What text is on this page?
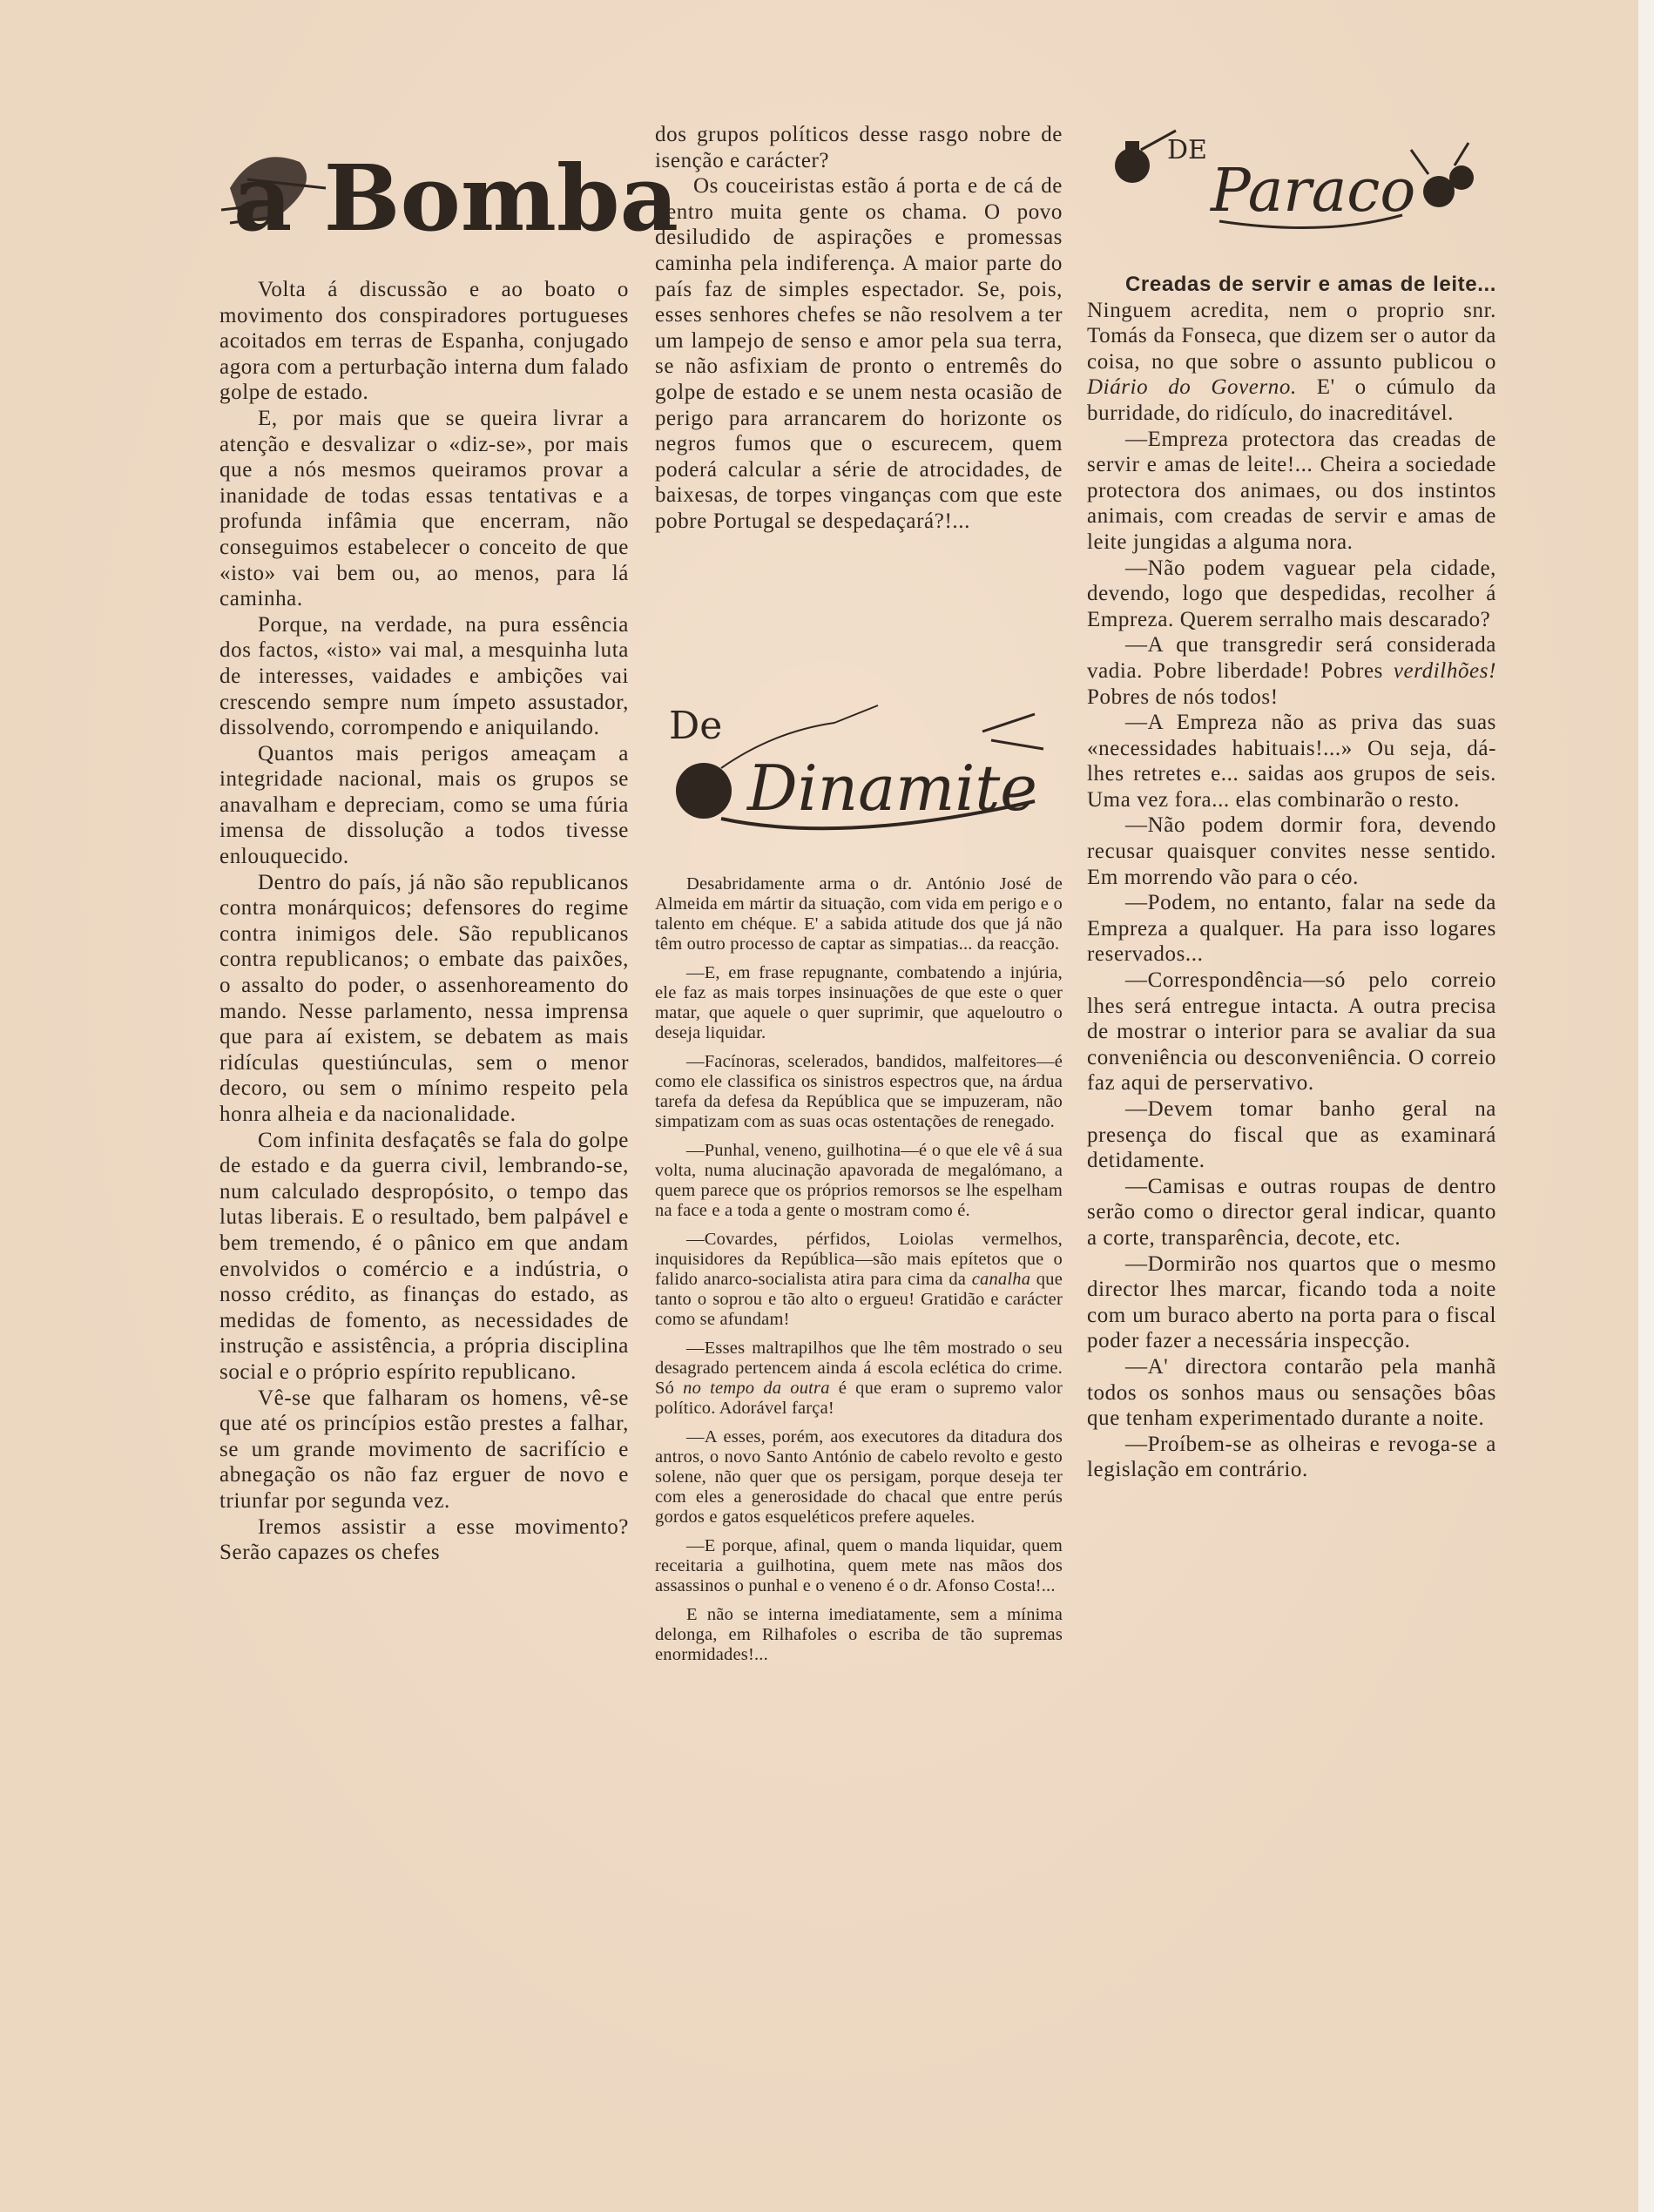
a Bomba	DE
Paraco
De
Dinamite

Volta á discussão e ao boato o movimento dos conspiradores portugueses acoitados em terras de Espanha, conjugado agora com a perturbação interna dum falado golpe de estado.

E, por mais que se queira livrar a atenção e desvalizar o «diz-se», por mais que a nós mesmos queiramos provar a inanidade de todas essas tentativas e a profunda infâmia que encerram, não conseguimos estabelecer o conceito de que «isto» vai bem ou, ao menos, para lá caminha.

Porque, na verdade, na pura essência dos factos, «isto» vai mal, a mesquinha luta de interesses, vaidades e ambições vai crescendo sempre num ímpeto assustador, dissolvendo, corrompendo e aniquilando.

Quantos mais perigos ameaçam a integridade nacional, mais os grupos se anavalham e depreciam, como se uma fúria imensa de dissolução a todos tivesse enlouquecido.

Dentro do país, já não são republicanos contra monárquicos; defensores do regime contra inimigos dele. São republicanos contra republicanos; o embate das paixões, o assalto do poder, o assenhoreamento do mando. Nesse parlamento, nessa imprensa que para aí existem, se debatem as mais ridículas questiúnculas, sem o menor decoro, ou sem o mínimo respeito pela honra alheia e da nacionalidade.

Com infinita desfaçatês se fala do golpe de estado e da guerra civil, lembrando-se, num calculado despropósito, o tempo das lutas liberais. E o resultado, bem palpável e bem tremendo, é o pânico em que andam envolvidos o comércio e a indústria, o nosso crédito, as finanças do estado, as medidas de fomento, as necessidades de instrução e assistência, a própria disciplina social e o próprio espírito republicano.

Vê-se que falharam os homens, vê-se que até os princípios estão prestes a falhar, se um grande movimento de sacrifício e abnegação os não faz erguer de novo e triunfar por segunda vez.

Iremos assistir a esse movimento? Serão capazes os chefes

dos grupos políticos desse rasgo nobre de isenção e carácter?

Os couceiristas estão á porta e de cá de dentro muita gente os chama. O povo desiludido de aspirações e promessas caminha pela indiferença. A maior parte do país faz de simples espectador. Se, pois, esses senhores chefes se não resolvem a ter um lampejo de senso e amor pela sua terra, se não asfixiam de pronto o entremês do golpe de estado e se unem nesta ocasião de perigo para arrancarem do horizonte os negros fumos que o escurecem, quem poderá calcular a série de atrocidades, de baixesas, de torpes vinganças com que este pobre Portugal se despedaçará?!...

Desabridamente arma o dr. António José de Almeida em mártir da situação, com vida em perigo e o talento em chéque. E' a sabida atitude dos que já não têm outro processo de captar as simpatias... da reacção.

—E, em frase repugnante, combatendo a injúria, ele faz as mais torpes insinuações de que este o quer matar, que aquele o quer suprimir, que aqueloutro o deseja liquidar.

—Facínoras, scelerados, bandidos, malfeitores—é como ele classifica os sinistros espectros que, na árdua tarefa da defesa da República que se impuzeram, não simpatizam com as suas ocas ostentações de renegado.

—Punhal, veneno, guilhotina—é o que ele vê á sua volta, numa alucinação apavorada de megalómano, a quem parece que os próprios remorsos se lhe espelham na face e a toda a gente o mostram como é.

—Covardes, pérfidos, Loiolas vermelhos, inquisidores da República—são mais epítetos que o falido anarco-socialista atira para cima da canalha que tanto o soprou e tão alto o ergueu! Gratidão e carácter como se afundam!

—Esses maltrapilhos que lhe têm mostrado o seu desagrado pertencem ainda á escola eclética do crime. Só no tempo da outra é que eram o supremo valor político. Adorável farça!

—A esses, porém, aos executores da ditadura dos antros, o novo Santo António de cabelo revolto e gesto solene, não quer que os persigam, porque deseja ter com eles a generosidade do chacal que entre perús gordos e gatos esqueléticos prefere aqueles.

—E porque, afinal, quem o manda liquidar, quem receitaria a guilhotina, quem mete nas mãos dos assassinos o punhal e o veneno é o dr. Afonso Costa!...

E não se interna imediatamente, sem a mínima delonga, em Rilhafoles o escriba de tão supremas enormidades!...

Creadas de servir e amas de leite... Ninguem acredita, nem o proprio snr. Tomás da Fonseca, que dizem ser o autor da coisa, no que sobre o assunto publicou o Diário do Governo. E' o cúmulo da burridade, do ridículo, do inacreditável.

—Empreza protectora das creadas de servir e amas de leite!... Cheira a sociedade protectora dos animaes, ou dos instintos animais, com creadas de servir e amas de leite jungidas a alguma nora.

—Não podem vaguear pela cidade, devendo, logo que despedidas, recolher á Empreza. Querem serralho mais descarado?

—A que transgredir será considerada vadia. Pobre liberdade! Pobres verdilhões! Pobres de nós todos!

—A Empreza não as priva das suas «necessidades habituais!...» Ou seja, dá-lhes retretes e... saidas aos grupos de seis. Uma vez fora... elas combinarão o resto.

—Não podem dormir fora, devendo recusar quaisquer convites nesse sentido. Em morrendo vão para o céo.

—Podem, no entanto, falar na sede da Empreza a qualquer. Ha para isso logares reservados...

—Correspondência—só pelo correio lhes será entregue intacta. A outra precisa de mostrar o interior para se avaliar da sua conveniência ou desconveniência. O correio faz aqui de perservativo.

—Devem tomar banho geral na presença do fiscal que as examinará detidamente.

—Camisas e outras roupas de dentro serão como o director geral indicar, quanto a corte, transparência, decote, etc.

—Dormirão nos quartos que o mesmo director lhes marcar, ficando toda a noite com um buraco aberto na porta para o fiscal poder fazer a necessária inspecção.

—A' directora contarão pela manhã todos os sonhos maus ou sensações bôas que tenham experimentado durante a noite.

—Proíbem-se as olheiras e revoga-se a legislação em contrário.
